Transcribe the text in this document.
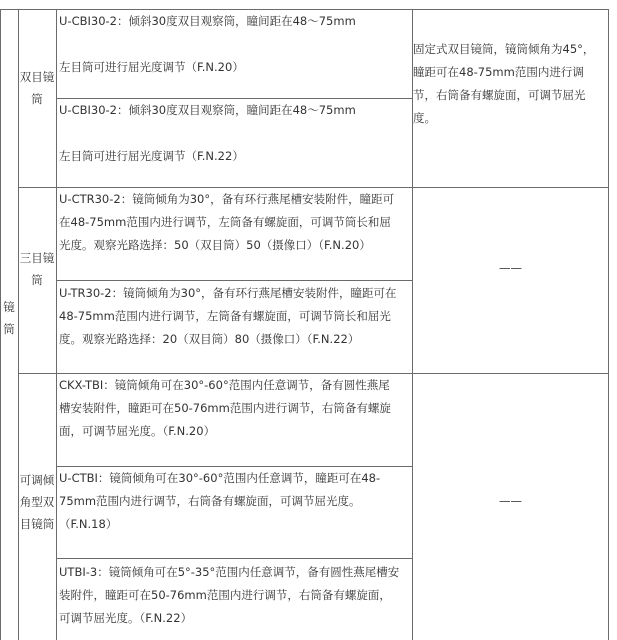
镜
筒
双目镜
筒
U-CBI30-2：倾斜30度双目观察筒，瞳间距在48～75mm

左目筒可进行屈光度调节（F.N.20）
U-CBI30-2：倾斜30度双目观察筒，瞳间距在48～75mm

左目筒可进行屈光度调节（F.N.22）
固定式双目镜筒，镜筒倾角为45°，
瞳距可在48-75mm范围内进行调
节，右筒备有螺旋面，可调节屈光
度。
三目镜
筒
U-CTR30-2：镜筒倾角为30°，备有环行燕尾槽安装附件，瞳距可
在48-75mm范围内进行调节，左筒备有螺旋面，可调节筒长和屈
光度。观察光路选择：50（双目筒）50（摄像口）（F.N.20）
U-TR30-2：镜筒倾角为30°，备有环行燕尾槽安装附件，瞳距可在
48-75mm范围内进行调节，左筒备有螺旋面，可调节筒长和屈光
度。观察光路选择：20（双目筒）80（摄像口）（F.N.22）
——
可调倾
角型双
目镜筒
CKX-TBI：镜筒倾角可在30°-60°范围内任意调节，备有圆性燕尾
槽安装附件，瞳距可在50-76mm范围内进行调节，右筒备有螺旋
面，可调节屈光度。（F.N.20）
U-CTBI：镜筒倾角可在30°-60°范围内任意调节，瞳距可在48-
75mm范围内进行调节，右筒备有螺旋面，可调节屈光度。
（F.N.18）
UTBI-3：镜筒倾角可在5°-35°范围内任意调节，备有圆性燕尾槽安
装附件，瞳距可在50-76mm范围内进行调节，右筒备有螺旋面，
可调节屈光度。（F.N.22）
——
